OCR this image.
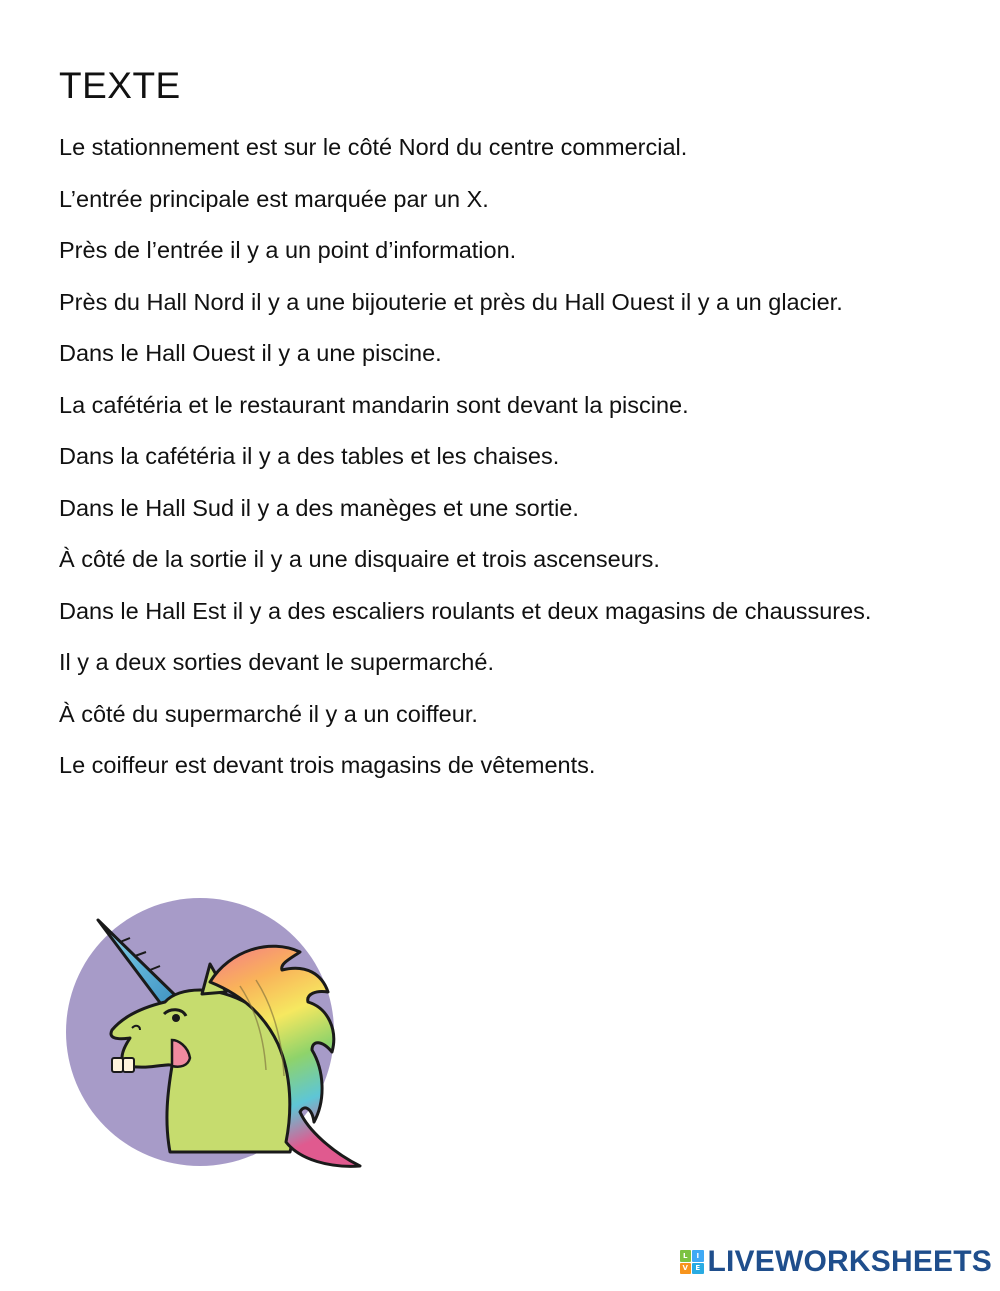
TEXTE

Le stationnement est sur le côté Nord du centre commercial.

L’entrée principale est marquée par un X.

Près de l’entrée il y a un point d’information.

Près du Hall Nord il y a une bijouterie et près du Hall Ouest il y a un glacier.

Dans le Hall Ouest il y a une piscine.

La cafétéria et le restaurant mandarin sont devant la piscine.

Dans la cafétéria il y a des tables et les chaises.

Dans le Hall Sud il y a des manèges et une sortie.

À côté de la sortie il y a une disquaire et trois ascenseurs.

Dans le Hall Est il y a des escaliers roulants et deux magasins de chaussures.

Il y a deux sorties devant le supermarché.

À côté du supermarché il y a un coiffeur.

Le coiffeur est devant trois magasins de vêtements.

L	I
V	E LIVEWORKSHEETS
